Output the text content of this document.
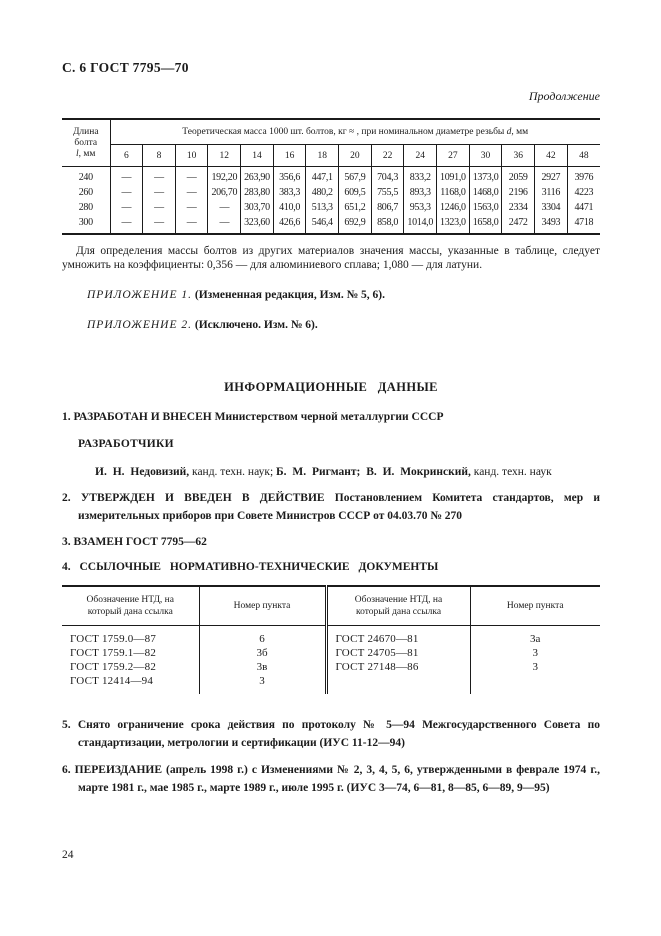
С. 6 ГОСТ 7795—70
Продолжение
Длина
болта
l, мм	Теоретическая масса 1000 шт. болтов, кг ≈ , при номинальном диаметре резьбы d, мм														
	6	8	10	12	14	16	18	20	22	24	27	30	36	42	48
240	—	—	—	192,20	263,90	356,6	447,1	567,9	704,3	833,2	1091,0	1373,0	2059	2927	3976
260	—	—	—	206,70	283,80	383,3	480,2	609,5	755,5	893,3	1168,0	1468,0	2196	3116	4223
280	—	—	—	—	303,70	410,0	513,3	651,2	806,7	953,3	1246,0	1563,0	2334	3304	4471
300	—	—	—	—	323,60	426,6	546,4	692,9	858,0	1014,0	1323,0	1658,0	2472	3493	4718

Для определения массы болтов из других материалов значения массы, указанные в таблице, следует умножить на коэффициенты: 0,356 — для алюминиевого сплава; 1,080 — для латуни.

ПРИЛОЖЕНИЕ 1. (Измененная редакция, Изм. № 5, 6).

ПРИЛОЖЕНИЕ 2. (Исключено. Изм. № 6).

ИНФОРМАЦИОННЫЕ ДАННЫЕ

1. РАЗРАБОТАН И ВНЕСЕН Министерством черной металлургии СССР

РАЗРАБОТЧИКИ

И. Н. Недовизий, канд. техн. наук; Б. М. Ригмант; В. И. Мокринский, канд. техн. наук

2. УТВЕРЖДЕН И ВВЕДЕН В ДЕЙСТВИЕ Постановлением Комитета стандартов, мер и измерительных приборов при Совете Министров СССР от 04.03.70 № 270

3. ВЗАМЕН ГОСТ 7795—62

4. ССЫЛОЧНЫЕ НОРМАТИВНО-ТЕХНИЧЕСКИЕ ДОКУМЕНТЫ

Обозначение НТД, на который дана ссылка	Номер пункта	Обозначение НТД, на который дана ссылка	Номер пункта
ГОСТ 1759.0—87	6	ГОСТ 24670—81	3а
ГОСТ 1759.1—82	3б	ГОСТ 24705—81	3
ГОСТ 1759.2—82	3в	ГОСТ 27148—86	3
ГОСТ 12414—94	3		

5. Снято ограничение срока действия по протоколу № 5—94 Межгосударственного Совета по стандартизации, метрологии и сертификации (ИУС 11-12—94)

6. ПЕРЕИЗДАНИЕ (апрель 1998 г.) с Изменениями № 2, 3, 4, 5, 6, утвержденными в феврале 1974 г., марте 1981 г., мае 1985 г., марте 1989 г., июле 1995 г. (ИУС 3—74, 6—81, 8—85, 6—89, 9—95)

24
